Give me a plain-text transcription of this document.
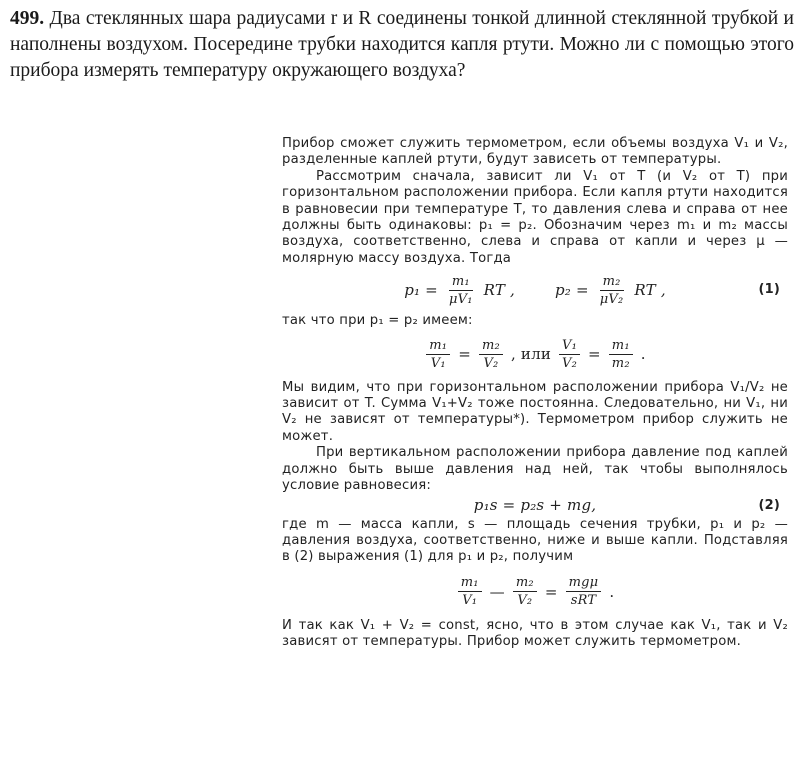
499. Два стеклянных шара радиусами r и R соединены тонкой длинной стеклянной трубкой и наполнены воздухом. Посередине трубки находится капля ртути. Можно ли с помощью этого прибора измерять температуру окружающего воздуха?

Прибор сможет служить термометром, если объемы воздуха V₁ и V₂, разделенные каплей ртути, будут зависеть от температуры.

Рассмотрим сначала, зависит ли V₁ от T (и V₂ от T) при горизонтальном расположении прибора. Если капля ртути находится в равновесии при температуре T, то давления слева и справа от нее должны быть одинаковы: p₁ = p₂. Обозначим через m₁ и m₂ массы воздуха, соответственно, слева и справа от капли и через μ — молярную массу воздуха. Тогда

$p_1 = \frac{\text{m₁}}{\text{μV₁}}$ RT ,	$p_2 = \frac{\text{m₂}}{\text{μV₂}}$ RT ,	(1)

так что при p₁ = p₂ имеем:

$\frac{\text{m₁}}{\text{V₁}} = \frac{\text{m₂}}{\text{V₂}}$ , или $\frac{\text{V₁}}{\text{V₂}} = \frac{\text{m₁}}{\text{m₂}}$ .

Мы видим, что при горизонтальном расположении прибора V₁/V₂ не зависит от T. Сумма V₁+V₂ тоже постоянна. Следовательно, ни V₁, ни V₂ не зависят от температуры*). Термометром прибор служить не может.

При вертикальном расположении прибора давление под каплей должно быть выше давления над ней, так чтобы выполнялось условие равновесия:

p₁s = p₂s + mg,	(2)

где m — масса капли, s — площадь сечения трубки, p₁ и p₂ — давления воздуха, соответственно, ниже и выше капли. Подставляя в (2) выражения (1) для p₁ и p₂, получим

$\frac{\text{m₁}}{\text{V₁}}$ — $\frac{\text{m₂}}{\text{V₂}} = \frac{\text{mgμ}}{\text{sRT}}$ .

И так как V₁ + V₂ = const, ясно, что в этом случае как V₁, так и V₂ зависят от температуры. Прибор может служить термометром.
